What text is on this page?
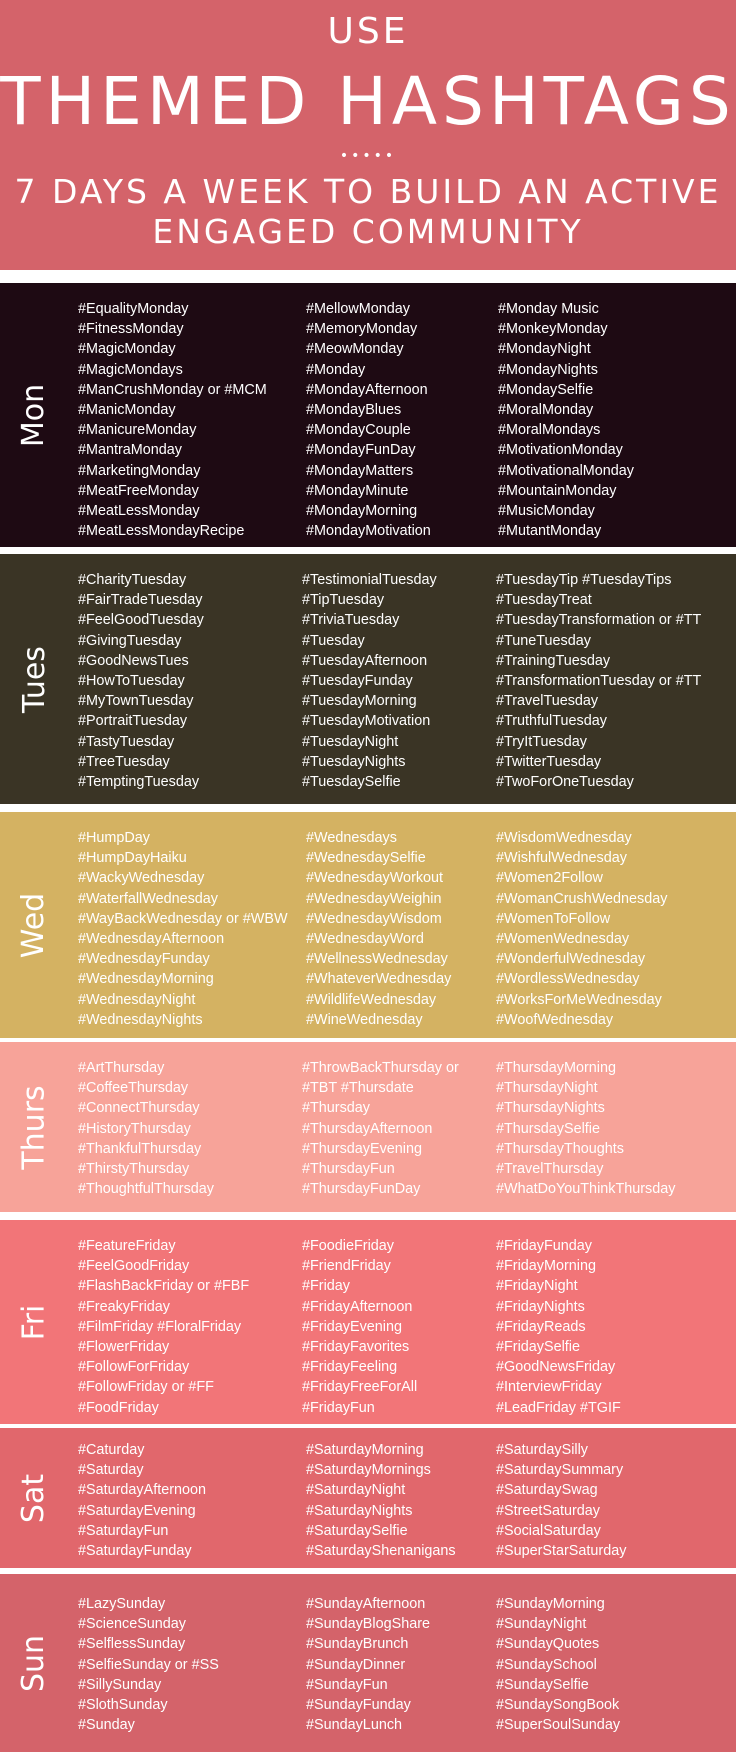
USE
THEMED HASHTAGS
•••••
7 DAYS A WEEK TO BUILD AN ACTIVE
ENGAGED COMMUNITY
Mon
#EqualityMonday
#FitnessMonday
#MagicMonday
#MagicMondays
#ManCrushMonday or #MCM
#ManicMonday
#ManicureMonday
#MantraMonday
#MarketingMonday
#MeatFreeMonday
#MeatLessMonday
#MeatLessMondayRecipe
#MellowMonday
#MemoryMonday
#MeowMonday
#Monday
#MondayAfternoon
#MondayBlues
#MondayCouple
#MondayFunDay
#MondayMatters
#MondayMinute
#MondayMorning
#MondayMotivation
#Monday Music
#MonkeyMonday
#MondayNight
#MondayNights
#MondaySelfie
#MoralMonday
#MoralMondays
#MotivationMonday
#MotivationalMonday
#MountainMonday
#MusicMonday
#MutantMonday
Tues
#CharityTuesday
#FairTradeTuesday
#FeelGoodTuesday
#GivingTuesday
#GoodNewsTues
#HowToTuesday
#MyTownTuesday
#PortraitTuesday
#TastyTuesday
#TreeTuesday
#TemptingTuesday
#TestimonialTuesday
#TipTuesday
#TriviaTuesday
#Tuesday
#TuesdayAfternoon
#TuesdayFunday
#TuesdayMorning
#TuesdayMotivation
#TuesdayNight
#TuesdayNights
#TuesdaySelfie
#TuesdayTip #TuesdayTips
#TuesdayTreat
#TuesdayTransformation or #TT
#TuneTuesday
#TrainingTuesday
#TransformationTuesday or #TT
#TravelTuesday
#TruthfulTuesday
#TryItTuesday
#TwitterTuesday
#TwoForOneTuesday
Wed
#HumpDay
#HumpDayHaiku
#WackyWednesday
#WaterfallWednesday
#WayBackWednesday or #WBW
#WednesdayAfternoon
#WednesdayFunday
#WednesdayMorning
#WednesdayNight
#WednesdayNights
#Wednesdays
#WednesdaySelfie
#WednesdayWorkout
#WednesdayWeighin
#WednesdayWisdom
#WednesdayWord
#WellnessWednesday
#WhateverWednesday
#WildlifeWednesday
#WineWednesday
#WisdomWednesday
#WishfulWednesday
#Women2Follow
#WomanCrushWednesday
#WomenToFollow
#WomenWednesday
#WonderfulWednesday
#WordlessWednesday
#WorksForMeWednesday
#WoofWednesday
Thurs
#ArtThursday
#CoffeeThursday
#ConnectThursday
#HistoryThursday
#ThankfulThursday
#ThirstyThursday
#ThoughtfulThursday
#ThrowBackThursday or
#TBT #Thursdate
#Thursday
#ThursdayAfternoon
#ThursdayEvening
#ThursdayFun
#ThursdayFunDay
#ThursdayMorning
#ThursdayNight
#ThursdayNights
#ThursdaySelfie
#ThursdayThoughts
#TravelThursday
#WhatDoYouThinkThursday
Fri
#FeatureFriday
#FeelGoodFriday
#FlashBackFriday or #FBF
#FreakyFriday
#FilmFriday #FloralFriday
#FlowerFriday
#FollowForFriday
#FollowFriday or #FF
#FoodFriday
#FoodieFriday
#FriendFriday
#Friday
#FridayAfternoon
#FridayEvening
#FridayFavorites
#FridayFeeling
#FridayFreeForAll
#FridayFun
#FridayFunday
#FridayMorning
#FridayNight
#FridayNights
#FridayReads
#FridaySelfie
#GoodNewsFriday
#InterviewFriday
#LeadFriday #TGIF
Sat
#Caturday
#Saturday
#SaturdayAfternoon
#SaturdayEvening
#SaturdayFun
#SaturdayFunday
#SaturdayMorning
#SaturdayMornings
#SaturdayNight
#SaturdayNights
#SaturdaySelfie
#SaturdayShenanigans
#SaturdaySilly
#SaturdaySummary
#SaturdaySwag
#StreetSaturday
#SocialSaturday
#SuperStarSaturday
Sun
#LazySunday
#ScienceSunday
#SelflessSunday
#SelfieSunday or #SS
#SillySunday
#SlothSunday
#Sunday
#SundayAfternoon
#SundayBlogShare
#SundayBrunch
#SundayDinner
#SundayFun
#SundayFunday
#SundayLunch
#SundayMorning
#SundayNight
#SundayQuotes
#SundaySchool
#SundaySelfie
#SundaySongBook
#SuperSoulSunday
